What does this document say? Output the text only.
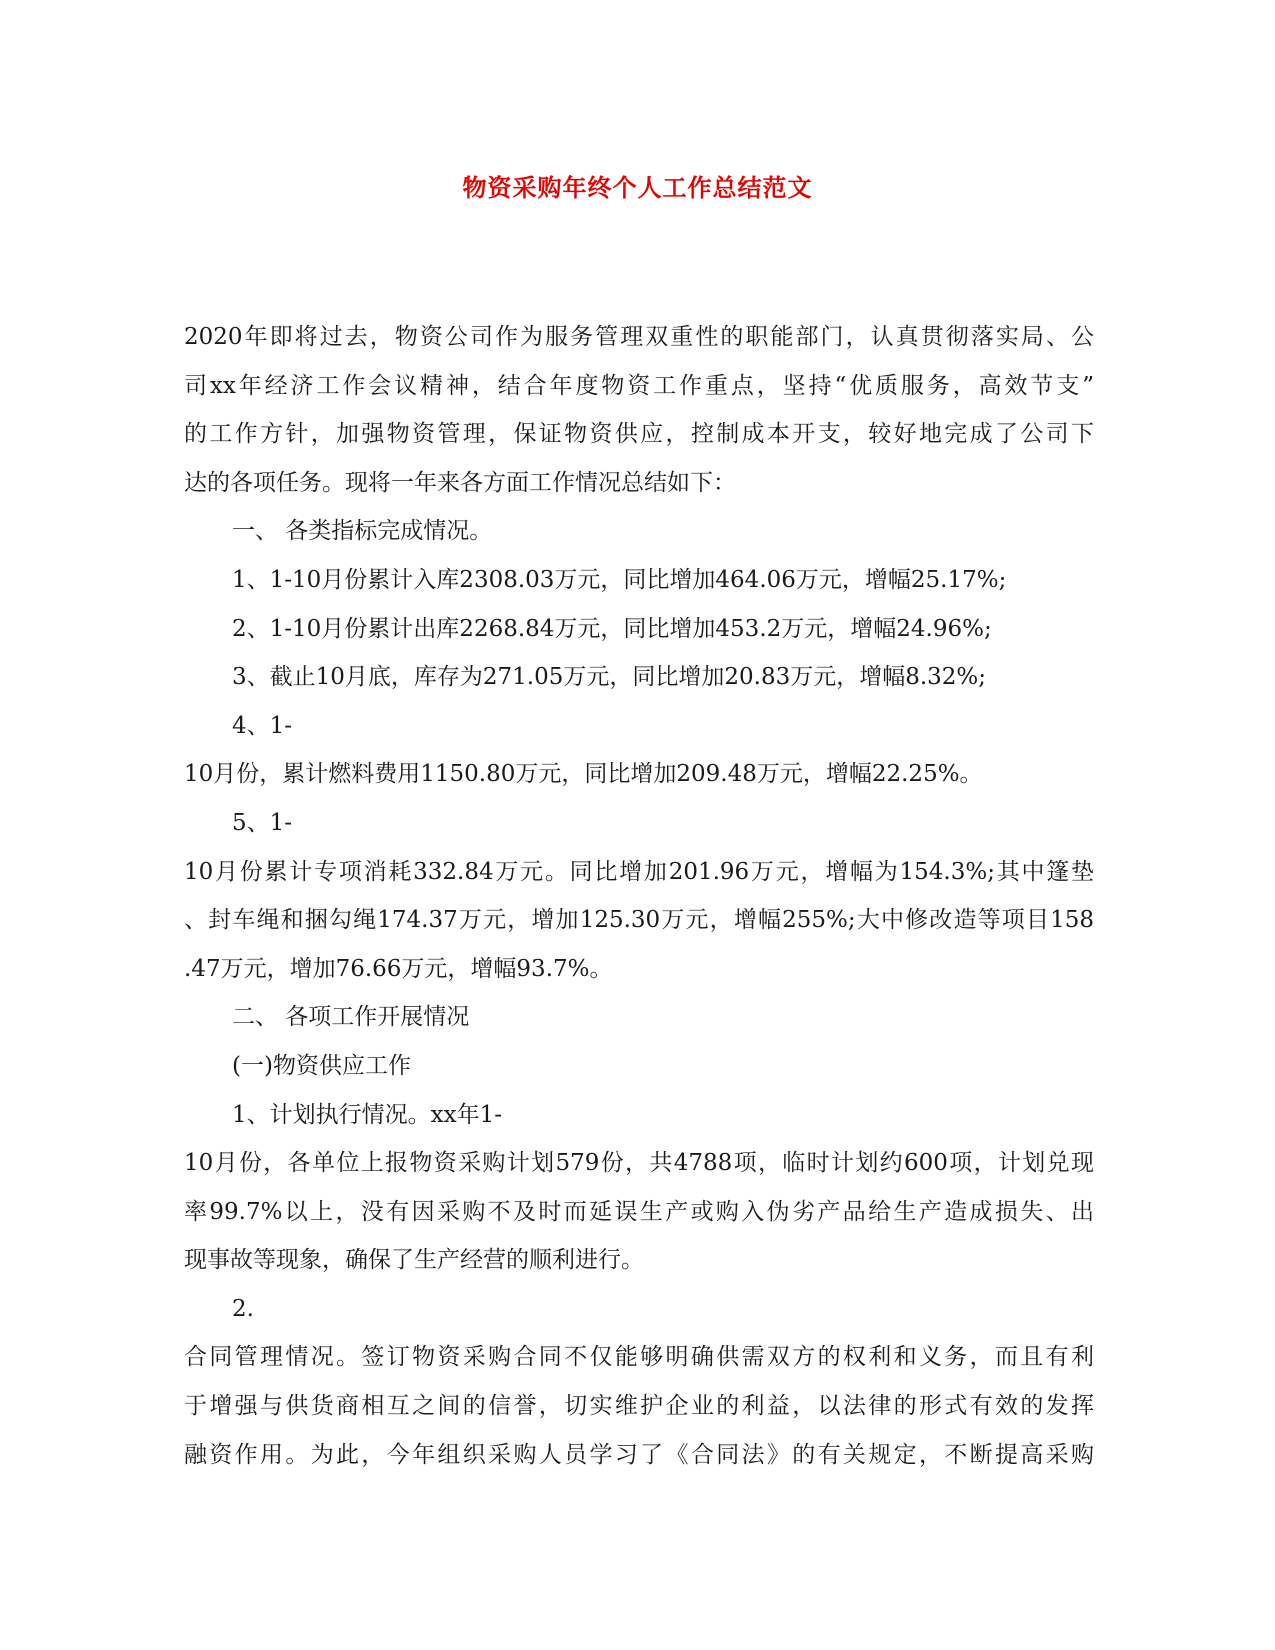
物资采购年终个人工作总结范文
2020年即将过去，物资公司作为服务管理双重性的职能部门，认真贯彻落实局、公
司xx年经济工作会议精神，结合年度物资工作重点，坚持“优质服务，高效节支”
的工作方针，加强物资管理，保证物资供应，控制成本开支，较好地完成了公司下
达的各项任务。现将一年来各方面工作情况总结如下：
一、 各类指标完成情况。
1、1-10月份累计入库2308.03万元，同比增加464.06万元，增幅25.17%;
2、1-10月份累计出库2268.84万元，同比增加453.2万元，增幅24.96%;
3、截止10月底，库存为271.05万元，同比增加20.83万元，增幅8.32%;
4、1-
10月份，累计燃料费用1150.80万元，同比增加209.48万元，增幅22.25%。
5、1-
10月份累计专项消耗332.84万元。同比增加201.96万元，增幅为154.3%;其中篷垫
、封车绳和捆勾绳174.37万元，增加125.30万元，增幅255%;大中修改造等项目158
.47万元，增加76.66万元，增幅93.7%。
二、 各项工作开展情况
(一)物资供应工作
1、计划执行情况。xx年1-
10月份，各单位上报物资采购计划579份，共4788项，临时计划约600项，计划兑现
率99.7%以上，没有因采购不及时而延误生产或购入伪劣产品给生产造成损失、出
现事故等现象，确保了生产经营的顺利进行。
2.
合同管理情况。签订物资采购合同不仅能够明确供需双方的权利和义务，而且有利
于增强与供货商相互之间的信誉，切实维护企业的利益，以法律的形式有效的发挥
融资作用。为此，今年组织采购人员学习了《合同法》的有关规定，不断提高采购
